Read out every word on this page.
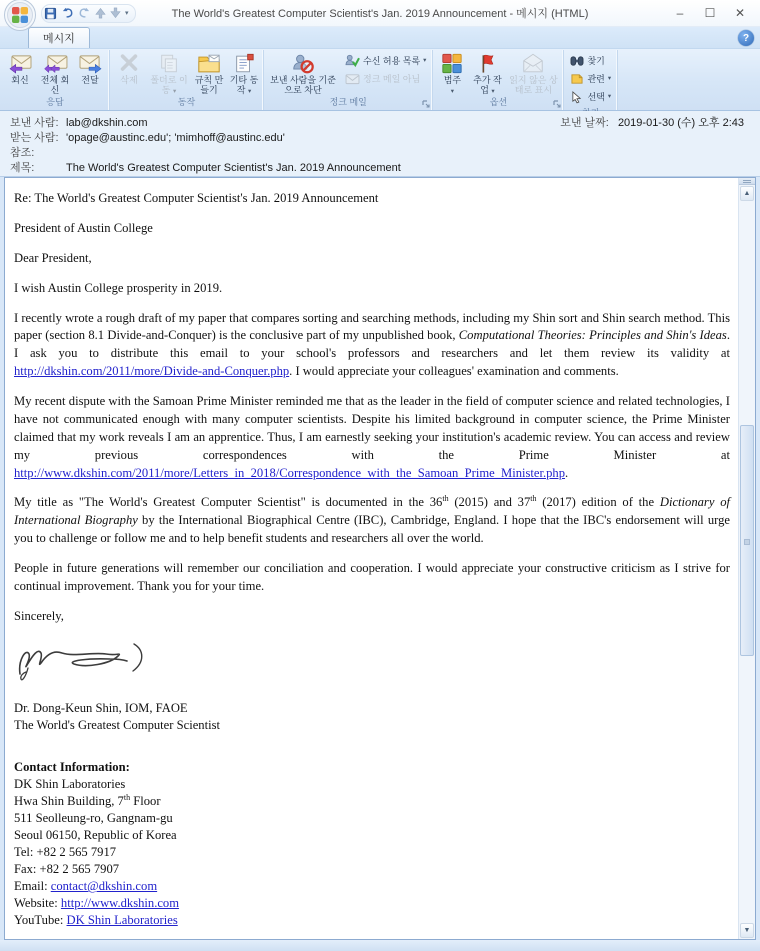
▾	The World's Greatest Computer Scientist's Jan. 2019 Announcement - 메시지 (HTML)	–	☐	✕
메시지	?
회신 전체 회신
전달
응답
삭제 폴더로 이동 ▾
규칙 만들기
기타 동작 ▾
동작
보낸 사람을 기준으로 차단
수신 허용 목록 ▾
정크 메일 아님
정크 메일
범주
▾
추가 작업 ▾
읽지 않은 상태로 표시
옵션
찾기
관련 ▾
선택 ▾
보낸 사람: lab@dkshin.com
받는 사람: 'opage@austinc.edu'; 'mimhoff@austinc.edu'
참조:
제목:	The World's Greatest Computer Scientist's Jan. 2019 Announcement
보낸 날짜: 2019-01-30 (수) 오후 2:43

Re: The World's Greatest Computer Scientist's Jan. 2019 Announcement

President of Austin College

Dear President,

I wish Austin College prosperity in 2019.

I recently wrote a rough draft of my paper that compares sorting and searching methods, including my Shin sort and Shin search method. This paper (section 8.1 Divide-and-Conquer) is the conclusive part of my unpublished book, Computational Theories: Principles and Shin's Ideas. I ask you to distribute this email to your school's professors and researchers and let them review its validity at http://dkshin.com/2011/more/Divide-and-Conquer.php. I would appreciate your colleagues' examination and comments.

My recent dispute with the Samoan Prime Minister reminded me that as the leader in the field of computer science and related technologies, I have not communicated enough with many computer scientists. Despite his limited background in computer science, the Prime Minister claimed that my work reveals I am an apprentice. Thus, I am earnestly seeking your institution's academic review. You can access and review my previous correspondences with the Prime Minister at http://www.dkshin.com/2011/more/Letters_in_2018/Correspondence_with_the_Samoan_Prime_Minister.php.

My title as "The World's Greatest Computer Scientist" is documented in the 36th (2015) and 37th (2017) edition of the Dictionary of International Biography by the International Biographical Centre (IBC), Cambridge, England. I hope that the IBC's endorsement will urge you to challenge or follow me and to help benefit students and researchers all over the world.

People in future generations will remember our conciliation and cooperation. I would appreciate your constructive criticism as I strive for continual improvement. Thank you for your time.

Sincerely,

Dr. Dong-Keun Shin, IOM, FAOE

The World's Greatest Computer Scientist

Contact Information:
DK Shin Laboratories
Hwa Shin Building, 7th Floor
511 Seolleung-ro, Gangnam-gu
Seoul 06150, Republic of Korea
Tel: +82 2 565 7917
Fax: +82 2 565 7907
Email: contact@dkshin.com
Website: http://www.dkshin.com
YouTube: DK Shin Laboratories
▲
▼
